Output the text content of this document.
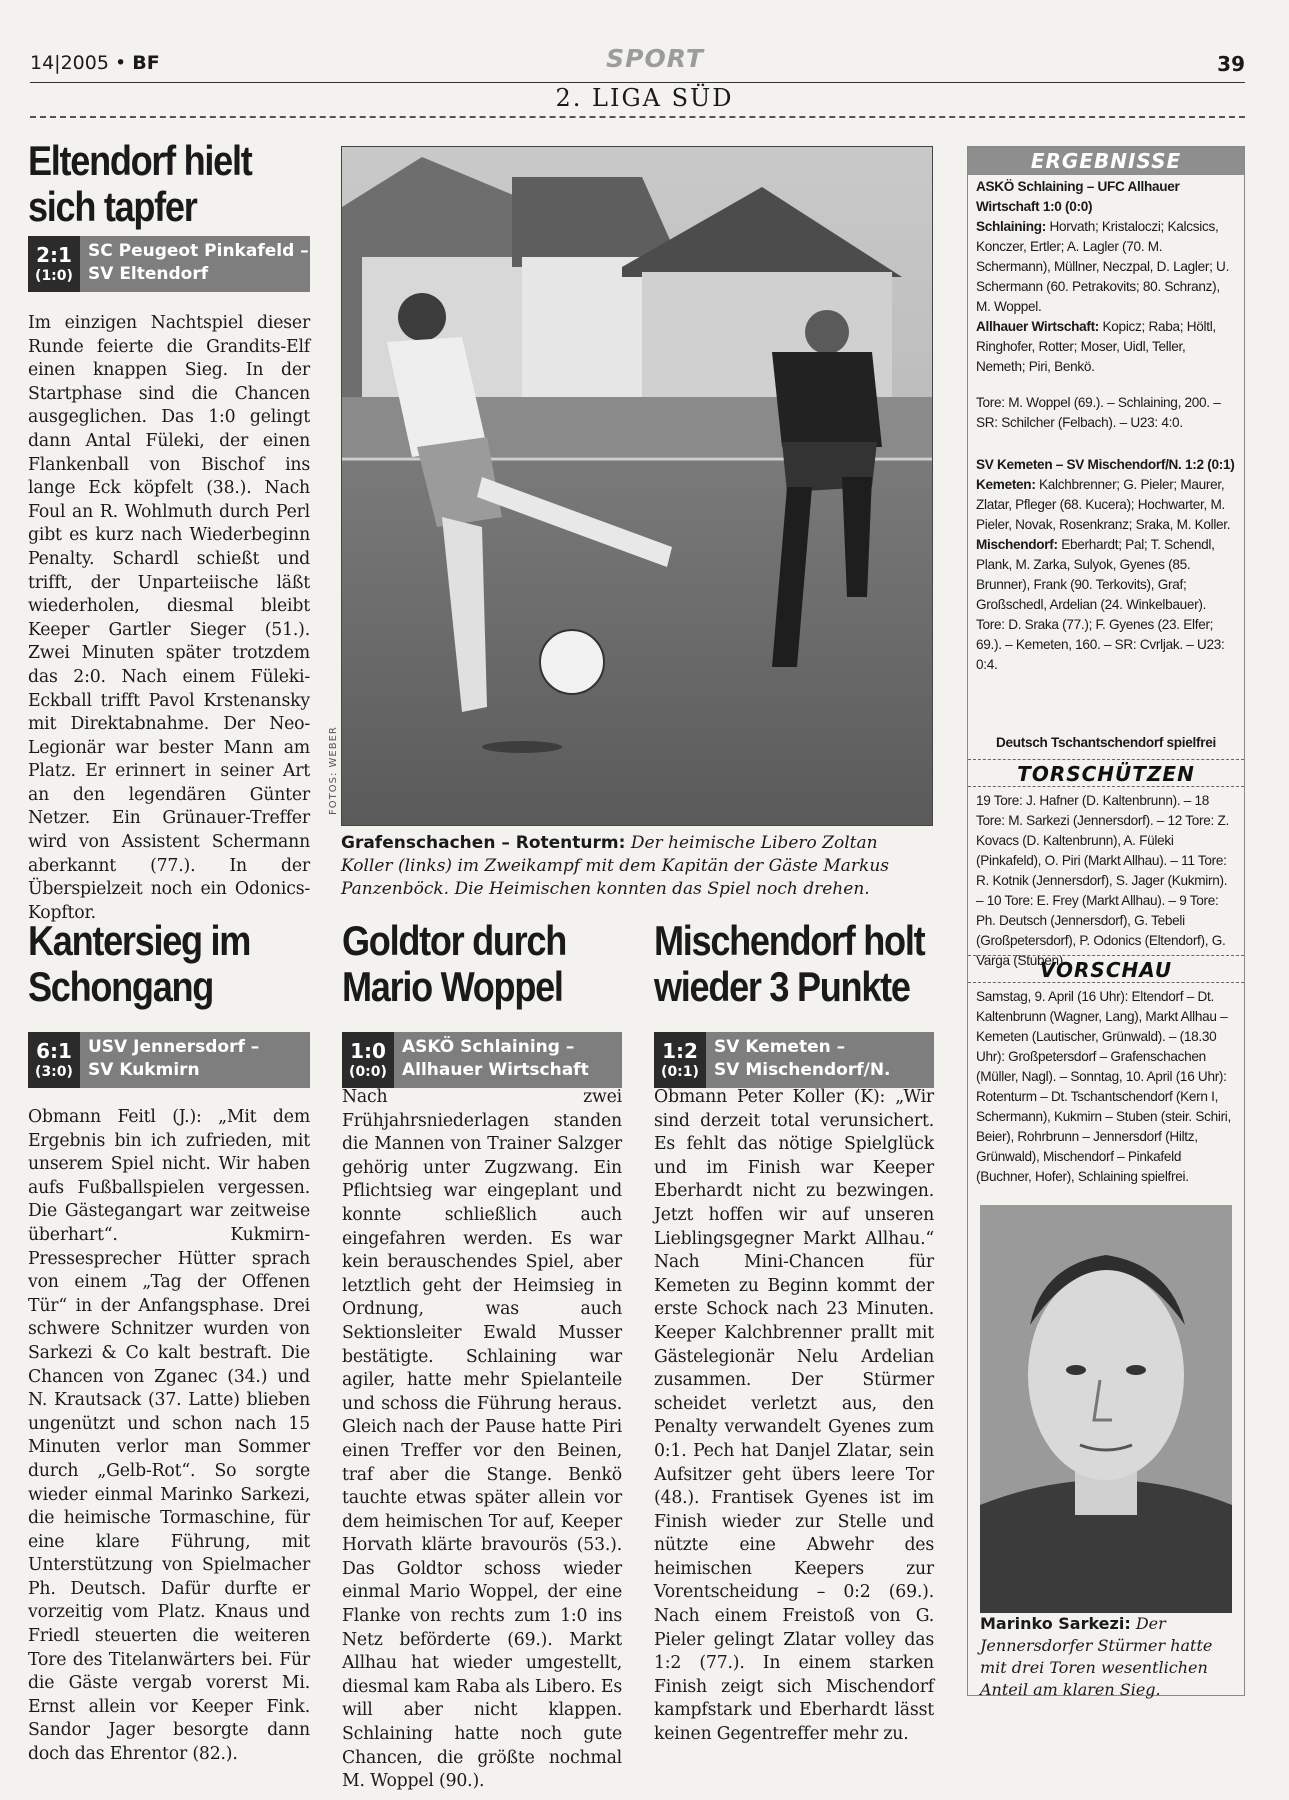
14|2005 • BF	SPORT	39
2. LIGA SÜD
Eltendorf hielt
sich tapfer
2:1
(1:0)
SC Peugeot Pinkafeld –
SV Eltendorf
Im einzigen Nachtspiel dieser Runde feierte die Grandits-Elf einen knappen Sieg. In der Startphase sind die Chancen ausgeglichen. Das 1:0 gelingt dann Antal Füleki, der einen Flankenball von Bischof ins lange Eck köpfelt (38.). Nach Foul an R. Wohlmuth durch Perl gibt es kurz nach Wiederbeginn Penalty. Schardl schießt und trifft, der Unparteiische läßt wiederholen, diesmal bleibt Keeper Gartler Sieger (51.). Zwei Minuten später trotzdem das 2:0. Nach einem Füleki-Eckball trifft Pavol Krstenansky mit Direktabnahme. Der Neo-Legionär war bester Mann am Platz. Er erinnert in seiner Art an den legendären Günter Netzer. Ein Grünauer-Treffer wird von Assistent Schermann aberkannt (77.). In der Überspielzeit noch ein Odonics-Kopftor.
FOTOS: WEBER
Grafenschachen – Rotenturm: Der heimische Libero Zoltan Koller (links) im Zweikampf mit dem Kapitän der Gäste Markus Panzenböck. Die Heimischen konnten das Spiel noch drehen.
Kantersieg im
Schongang
6:1
(3:0)
USV Jennersdorf –
SV Kukmirn
Obmann Feitl (J.): „Mit dem Ergebnis bin ich zufrieden, mit unserem Spiel nicht. Wir haben aufs Fußballspielen vergessen. Die Gästegangart war zeitweise überhart“. Kukmirn-Pressesprecher Hütter sprach von einem „Tag der Offenen Tür“ in der Anfangsphase. Drei schwere Schnitzer wurden von Sarkezi & Co kalt bestraft. Die Chancen von Zganec (34.) und N. Krautsack (37. Latte) blieben ungenützt und schon nach 15 Minuten verlor man Sommer durch „Gelb-Rot“. So sorgte wieder einmal Marinko Sarkezi, die heimische Tormaschine, für eine klare Führung, mit Unterstützung von Spielmacher Ph. Deutsch. Dafür durfte er vorzeitig vom Platz. Knaus und Friedl steuerten die weiteren Tore des Titelanwärters bei. Für die Gäste vergab vorerst Mi. Ernst allein vor Keeper Fink. Sandor Jager besorgte dann doch das Ehrentor (82.).
Goldtor durch
Mario Woppel
1:0
(0:0)
ASKÖ Schlaining –
Allhauer Wirtschaft
Nach zwei Frühjahrsniederlagen standen die Mannen von Trainer Salzger gehörig unter Zugzwang. Ein Pflichtsieg war eingeplant und konnte schließlich auch eingefahren werden. Es war kein berauschendes Spiel, aber letztlich geht der Heimsieg in Ordnung, was auch Sektionsleiter Ewald Musser bestätigte. Schlaining war agiler, hatte mehr Spielanteile und schoss die Führung heraus. Gleich nach der Pause hatte Piri einen Treffer vor den Beinen, traf aber die Stange. Benkö tauchte etwas später allein vor dem heimischen Tor auf, Keeper Horvath klärte bravourös (53.). Das Goldtor schoss wieder einmal Mario Woppel, der eine Flanke von rechts zum 1:0 ins Netz beförderte (69.). Markt Allhau hat wieder umgestellt, diesmal kam Raba als Libero. Es will aber nicht klappen. Schlaining hatte noch gute Chancen, die größte nochmal M. Woppel (90.).
Mischendorf holt
wieder 3 Punkte
1:2
(0:1)
SV Kemeten –
SV Mischendorf/N.
Obmann Peter Koller (K): „Wir sind derzeit total verunsichert. Es fehlt das nötige Spielglück und im Finish war Keeper Eberhardt nicht zu bezwingen. Jetzt hoffen wir auf unseren Lieblingsgegner Markt Allhau.“ Nach Mini-Chancen für Kemeten zu Beginn kommt der erste Schock nach 23 Minuten. Keeper Kalchbrenner prallt mit Gästelegionär Nelu Ardelian zusammen. Der Stürmer scheidet verletzt aus, den Penalty verwandelt Gyenes zum 0:1. Pech hat Danjel Zlatar, sein Aufsitzer geht übers leere Tor (48.). Frantisek Gyenes ist im Finish wieder zur Stelle und nützte eine Abwehr des heimischen Keepers zur Vorentscheidung – 0:2 (69.). Nach einem Freistoß von G. Pieler gelingt Zlatar volley das 1:2 (77.). In einem starken Finish zeigt sich Mischendorf kampfstark und Eberhardt lässt keinen Gegentreffer mehr zu.
ERGEBNISSE
ASKÖ Schlaining – UFC Allhauer Wirtschaft 1:0 (0:0)
Schlaining: Horvath; Kristaloczi; Kalcsics, Konczer, Ertler; A. Lagler (70. M. Schermann), Müllner, Neczpal, D. Lagler; U. Schermann (60. Petrakovits; 80. Schranz), M. Woppel.
Allhauer Wirtschaft: Kopicz; Raba; Höltl, Ringhofer, Rotter; Moser, Uidl, Teller, Nemeth; Piri, Benkö.
Tore: M. Woppel (69.). – Schlaining, 200. – SR: Schilcher (Felbach). – U23: 4:0.
SV Kemeten – SV Mischendorf/N. 1:2 (0:1)
Kemeten: Kalchbrenner; G. Pieler; Maurer, Zlatar, Pfleger (68. Kucera); Hochwarter, M. Pieler, Novak, Rosenkranz; Sraka, M. Koller.
Mischendorf: Eberhardt; Pal; T. Schendl, Plank, M. Zarka, Sulyok, Gyenes (85. Brunner), Frank (90. Terkovits), Graf; Großschedl, Ardelian (24. Winkelbauer).
Tore: D. Sraka (77.); F. Gyenes (23. Elfer; 69.). – Kemeten, 160. – SR: Cvrljak. – U23: 0:4.
Deutsch Tschantschendorf spielfrei
TORSCHÜTZEN
19 Tore: J. Hafner (D. Kaltenbrunn). – 18 Tore: M. Sarkezi (Jennersdorf). – 12 Tore: Z. Kovacs (D. Kaltenbrunn), A. Füleki (Pinkafeld), O. Piri (Markt Allhau). – 11 Tore: R. Kotnik (Jennersdorf), S. Jager (Kukmirn). – 10 Tore: E. Frey (Markt Allhau). – 9 Tore: Ph. Deutsch (Jennersdorf), G. Tebeli (Großpetersdorf), P. Odonics (Eltendorf), G. Varga (Stuben).
VORSCHAU
Samstag, 9. April (16 Uhr): Eltendorf – Dt. Kaltenbrunn (Wagner, Lang), Markt Allhau – Kemeten (Lautischer, Grünwald). – (18.30 Uhr): Großpetersdorf – Grafenschachen (Müller, Nagl). – Sonntag, 10. April (16 Uhr): Rotenturm – Dt. Tschantschendorf (Kern I, Schermann), Kukmirn – Stuben (steir. Schiri, Beier), Rohrbrunn – Jennersdorf (Hiltz, Grünwald), Mischendorf – Pinkafeld (Buchner, Hofer), Schlaining spielfrei.
Marinko Sarkezi: Der Jennersdorfer Stürmer hatte mit drei Toren wesentlichen Anteil am klaren Sieg.
